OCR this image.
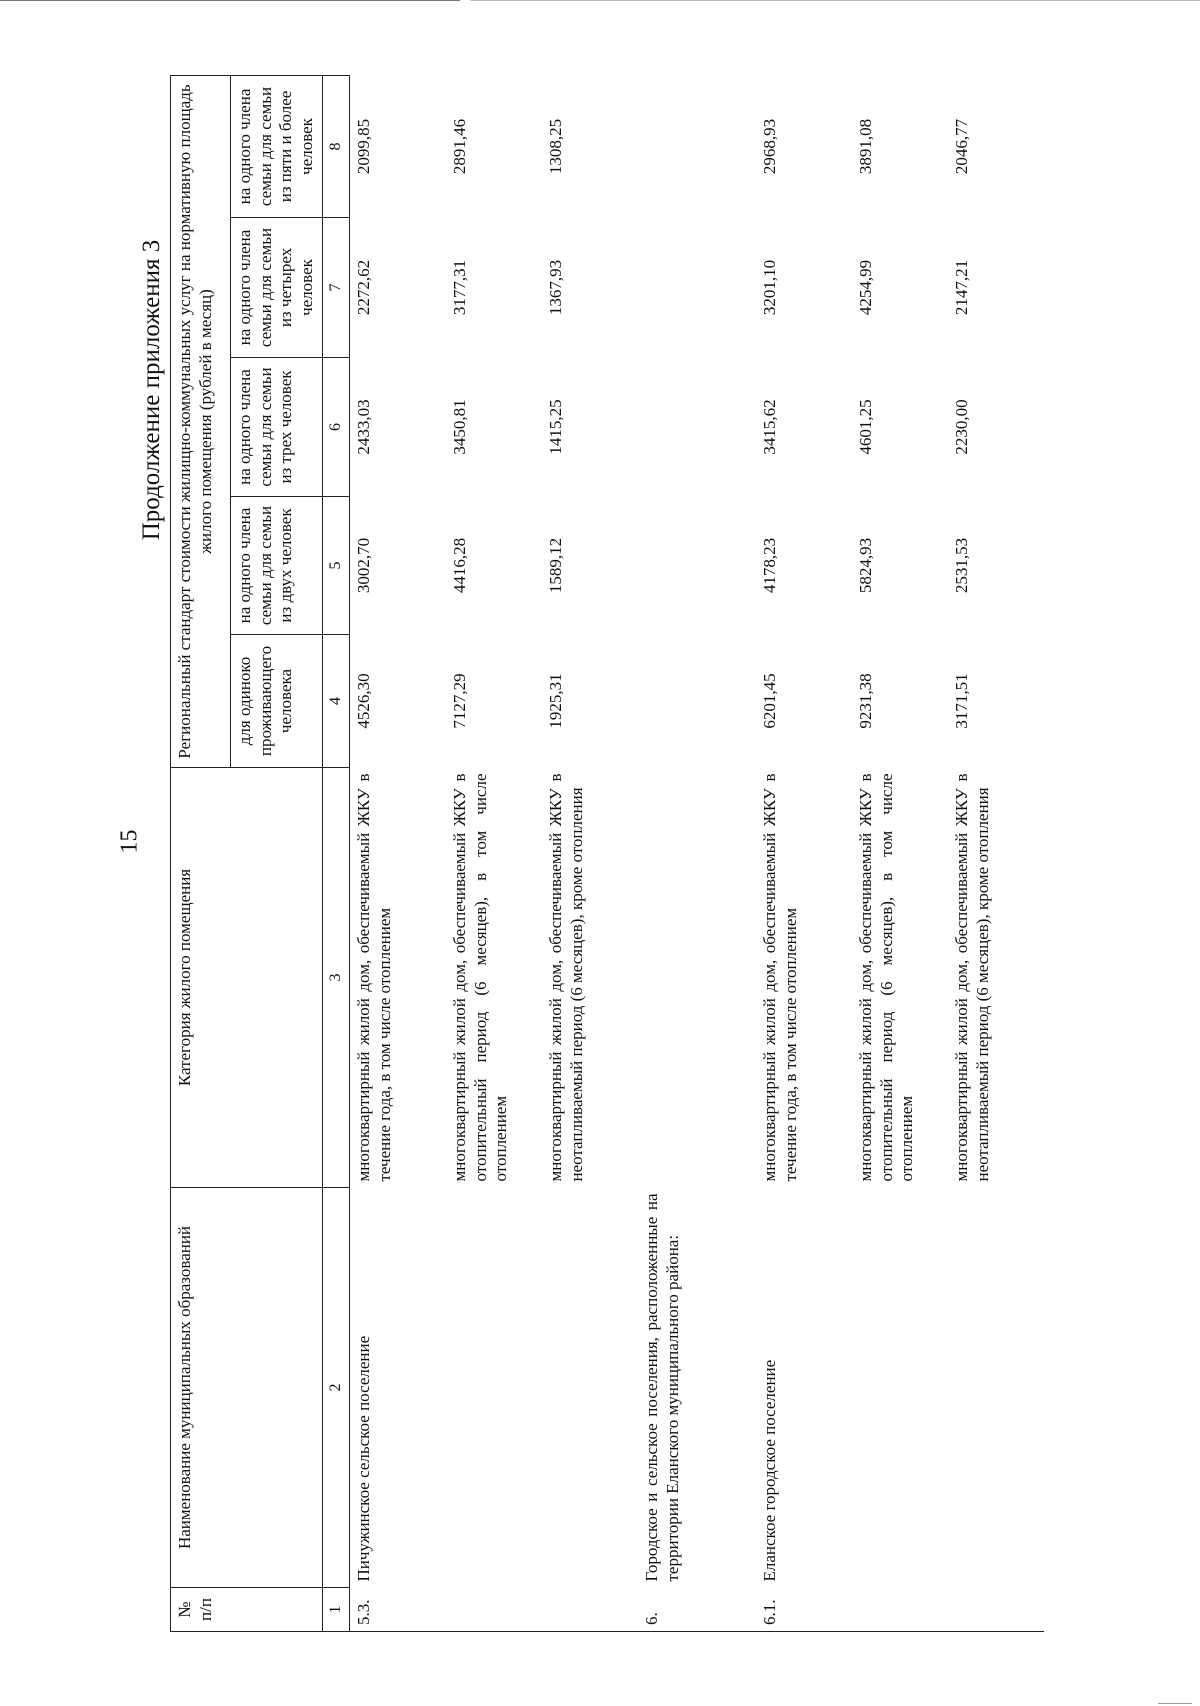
15
Продолжение приложения 3
№ п/п	Наименование муниципальных образований	Категория жилого помещения	Региональный стандарт стоимости жилищно-коммунальных услуг на нормативную площадь жилого помещения (рублей в месяц)				
			для одиноко проживающего человека	на одного члена семьи для семьи из двух человек	на одного члена семьи для семьи из трех человек	на одного члена семьи для семьи из четырех человек	на одного члена семьи для семьи из пяти и более человек
1	2	3	4	5	6	7	8
5.3.	Пичужинское сельское поселение	многоквартирный жилой дом, обеспечиваемый ЖКУ в течение года, в том числе отоплением	4526,30	3002,70	2433,03	2272,62	2099,85
		многоквартирный жилой дом, обеспечиваемый ЖКУ в отопительный период (6 месяцев), в том числе отоплением	7127,29	4416,28	3450,81	3177,31	2891,46
		многоквартирный жилой дом, обеспечиваемый ЖКУ в неотапливаемый период (6 месяцев), кроме отопления	1925,31	1589,12	1415,25	1367,93	1308,25
6.	Городское и сельское поселения, расположенные на территории Еланского муниципального района:						
6.1.	Еланское городское поселение	многоквартирный жилой дом, обеспечиваемый ЖКУ в течение года, в том числе отоплением	6201,45	4178,23	3415,62	3201,10	2968,93
		многоквартирный жилой дом, обеспечиваемый ЖКУ в отопительный период (6 месяцев), в том числе отоплением	9231,38	5824,93	4601,25	4254,99	3891,08
		многоквартирный жилой дом, обеспечиваемый ЖКУ в неотапливаемый период (6 месяцев), кроме отопления	3171,51	2531,53	2230,00	2147,21	2046,77
